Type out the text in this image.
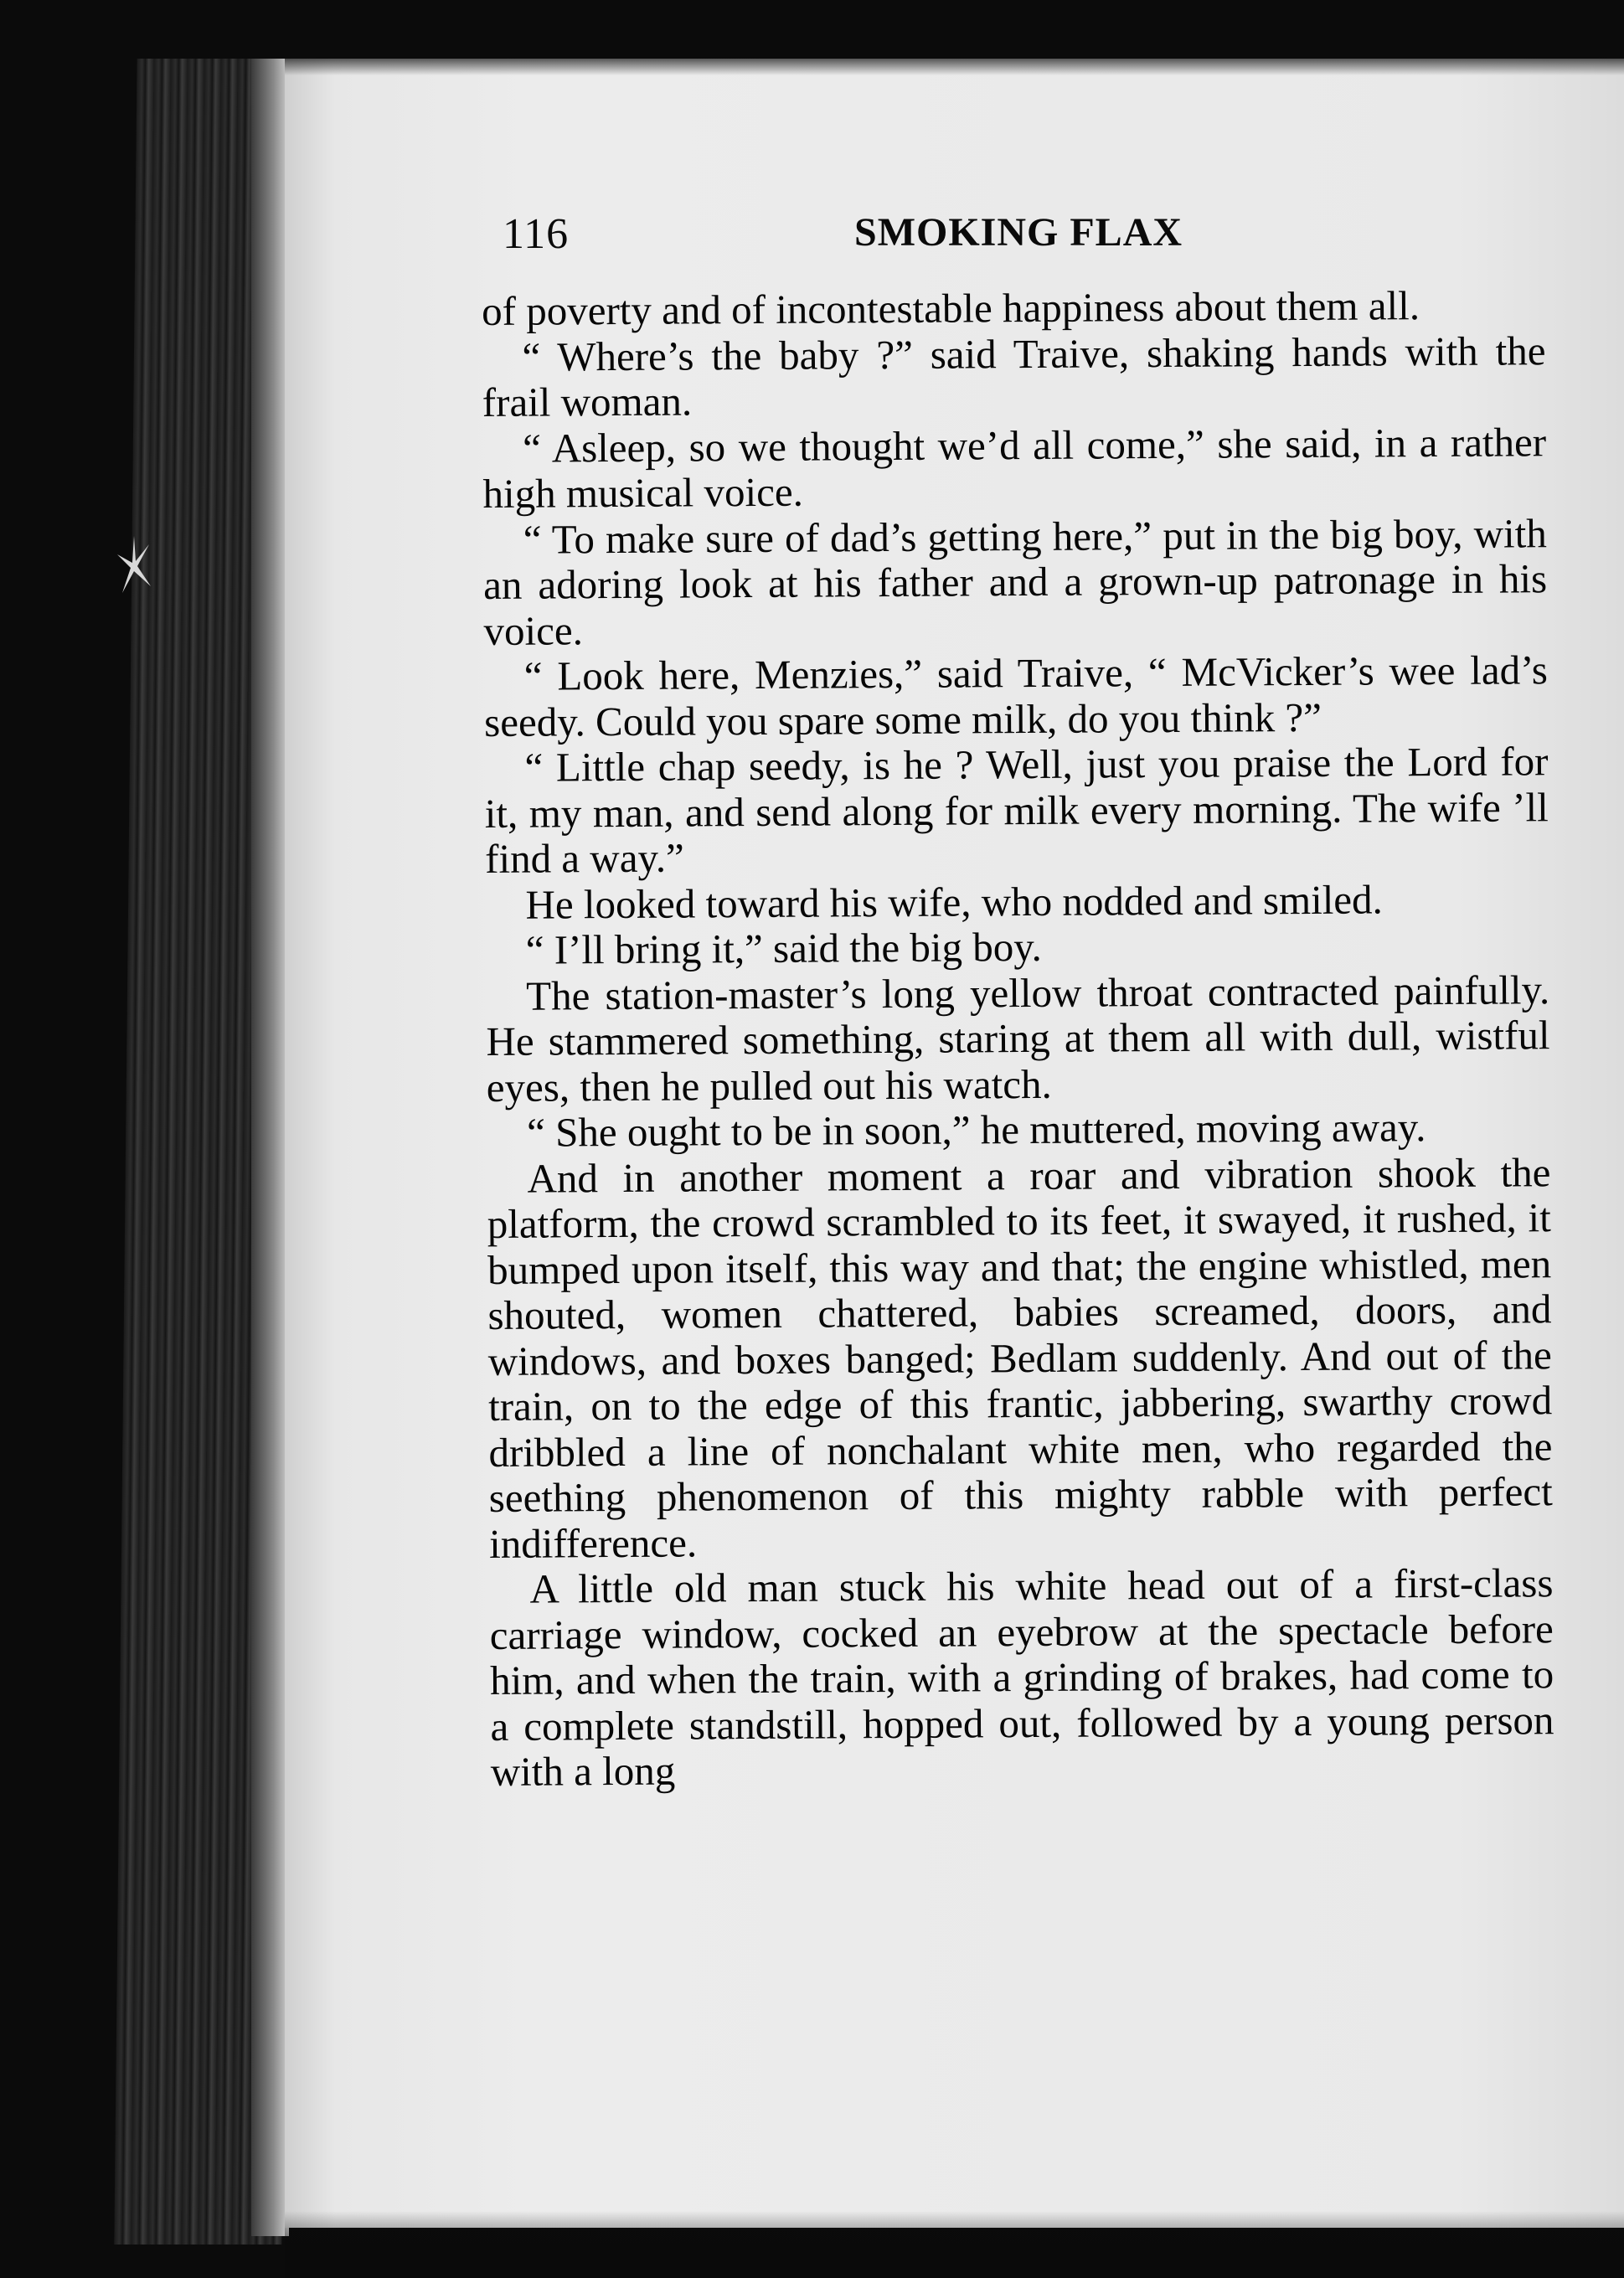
116	SMOKING FLAX

of poverty and of incontestable happiness about them all.

“ Where’s the baby ?” said Traive, shaking hands with the frail woman.

“ Asleep, so we thought we’d all come,” she said, in a rather high musical voice.

“ To make sure of dad’s getting here,” put in the big boy, with an adoring look at his father and a grown-up patronage in his voice.

“ Look here, Menzies,” said Traive, “ McVicker’s wee lad’s seedy. Could you spare some milk, do you think ?”

“ Little chap seedy, is he ? Well, just you praise the Lord for it, my man, and send along for milk every morning. The wife ’ll find a way.”

He looked toward his wife, who nodded and smiled.

“ I’ll bring it,” said the big boy.

The station-master’s long yellow throat contracted painfully. He stammered something, staring at them all with dull, wistful eyes, then he pulled out his watch.

“ She ought to be in soon,” he muttered, moving away.

And in another moment a roar and vibration shook the platform, the crowd scrambled to its feet, it swayed, it rushed, it bumped upon itself, this way and that; the engine whistled, men shouted, women chattered, babies screamed, doors, and windows, and boxes banged; Bedlam suddenly. And out of the train, on to the edge of this frantic, jabbering, swarthy crowd dribbled a line of nonchalant white men, who regarded the seething phenomenon of this mighty rabble with perfect indifference.

A little old man stuck his white head out of a first-class carriage window, cocked an eyebrow at the spectacle before him, and when the train, with a grinding of brakes, had come to a complete standstill, hopped out, followed by a young person with a long
